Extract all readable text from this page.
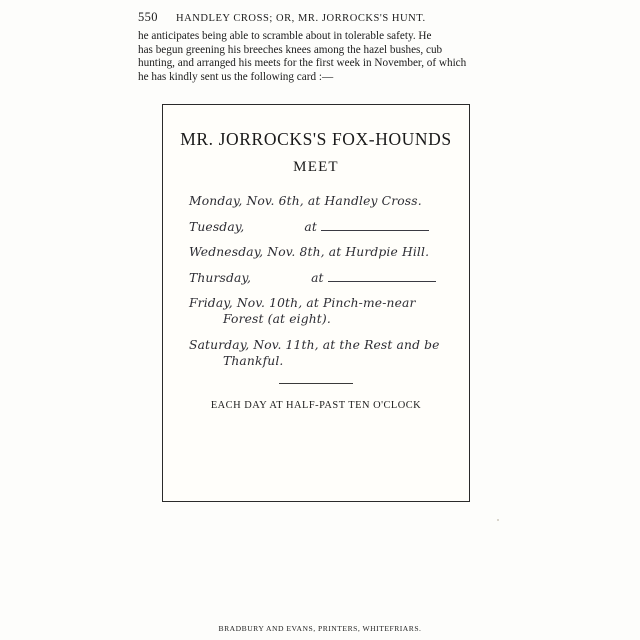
550 HANDLEY CROSS; OR, MR. JORROCKS'S HUNT.
he anticipates being able to scramble about in tolerable safety. He
has begun greening his breeches knees among the hazel bushes, cub
hunting, and arranged his meets for the first week in November, of which
he has kindly sent us the following card :—
MR. JORROCKS'S FOX-HOUNDS
MEET
Monday, Nov. 6th, at Handley Cross.
Tuesday,	at
Wednesday, Nov. 8th, at Hurdpie Hill.
Thursday,	at
Friday, Nov. 10th, at Pinch-me-near
Forest (at eight).
Saturday, Nov. 11th, at the Rest and be
Thankful.
EACH DAY AT HALF-PAST TEN O'CLOCK
BRADBURY AND EVANS, PRINTERS, WHITEFRIARS.
